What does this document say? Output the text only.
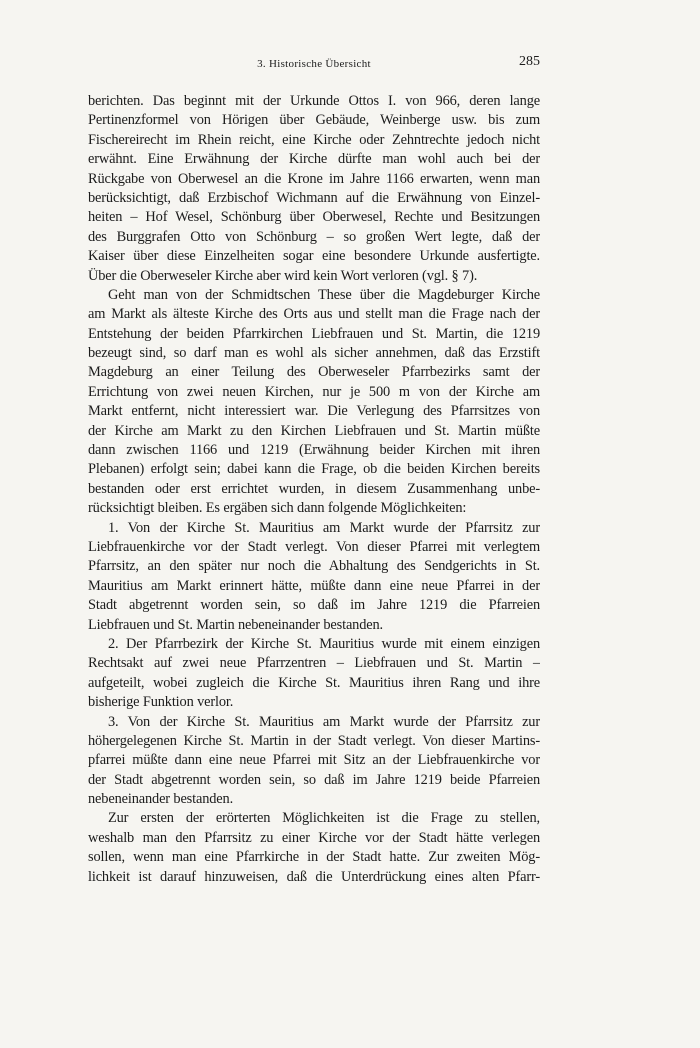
3. Historische Übersicht	285
berichten. Das beginnt mit der Urkunde Ottos I. von 966, deren lange
Pertinenzformel von Hörigen über Gebäude, Weinberge usw. bis zum
Fischereirecht im Rhein reicht, eine Kirche oder Zehntrechte jedoch nicht
erwähnt. Eine Erwähnung der Kirche dürfte man wohl auch bei der
Rückgabe von Oberwesel an die Krone im Jahre 1166 erwarten, wenn man
berücksichtigt, daß Erzbischof Wichmann auf die Erwähnung von Einzel-
heiten – Hof Wesel, Schönburg über Oberwesel, Rechte und Besitzungen
des Burggrafen Otto von Schönburg – so großen Wert legte, daß der
Kaiser über diese Einzelheiten sogar eine besondere Urkunde ausfertigte.
Über die Oberweseler Kirche aber wird kein Wort verloren (vgl. § 7).
Geht man von der Schmidtschen These über die Magdeburger Kirche
am Markt als älteste Kirche des Orts aus und stellt man die Frage nach der
Entstehung der beiden Pfarrkirchen Liebfrauen und St. Martin, die 1219
bezeugt sind, so darf man es wohl als sicher annehmen, daß das Erzstift
Magdeburg an einer Teilung des Oberweseler Pfarrbezirks samt der
Errichtung von zwei neuen Kirchen, nur je 500 m von der Kirche am
Markt entfernt, nicht interessiert war. Die Verlegung des Pfarrsitzes von
der Kirche am Markt zu den Kirchen Liebfrauen und St. Martin müßte
dann zwischen 1166 und 1219 (Erwähnung beider Kirchen mit ihren
Plebanen) erfolgt sein; dabei kann die Frage, ob die beiden Kirchen bereits
bestanden oder erst errichtet wurden, in diesem Zusammenhang unbe-
rücksichtigt bleiben. Es ergäben sich dann folgende Möglichkeiten:
1. Von der Kirche St. Mauritius am Markt wurde der Pfarrsitz zur
Liebfrauenkirche vor der Stadt verlegt. Von dieser Pfarrei mit verlegtem
Pfarrsitz, an den später nur noch die Abhaltung des Sendgerichts in St.
Mauritius am Markt erinnert hätte, müßte dann eine neue Pfarrei in der
Stadt abgetrennt worden sein, so daß im Jahre 1219 die Pfarreien
Liebfrauen und St. Martin nebeneinander bestanden.
2. Der Pfarrbezirk der Kirche St. Mauritius wurde mit einem einzigen
Rechtsakt auf zwei neue Pfarrzentren – Liebfrauen und St. Martin –
aufgeteilt, wobei zugleich die Kirche St. Mauritius ihren Rang und ihre
bisherige Funktion verlor.
3. Von der Kirche St. Mauritius am Markt wurde der Pfarrsitz zur
höhergelegenen Kirche St. Martin in der Stadt verlegt. Von dieser Martins-
pfarrei müßte dann eine neue Pfarrei mit Sitz an der Liebfrauenkirche vor
der Stadt abgetrennt worden sein, so daß im Jahre 1219 beide Pfarreien
nebeneinander bestanden.
Zur ersten der erörterten Möglichkeiten ist die Frage zu stellen,
weshalb man den Pfarrsitz zu einer Kirche vor der Stadt hätte verlegen
sollen, wenn man eine Pfarrkirche in der Stadt hatte. Zur zweiten Mög-
lichkeit ist darauf hinzuweisen, daß die Unterdrückung eines alten Pfarr-
